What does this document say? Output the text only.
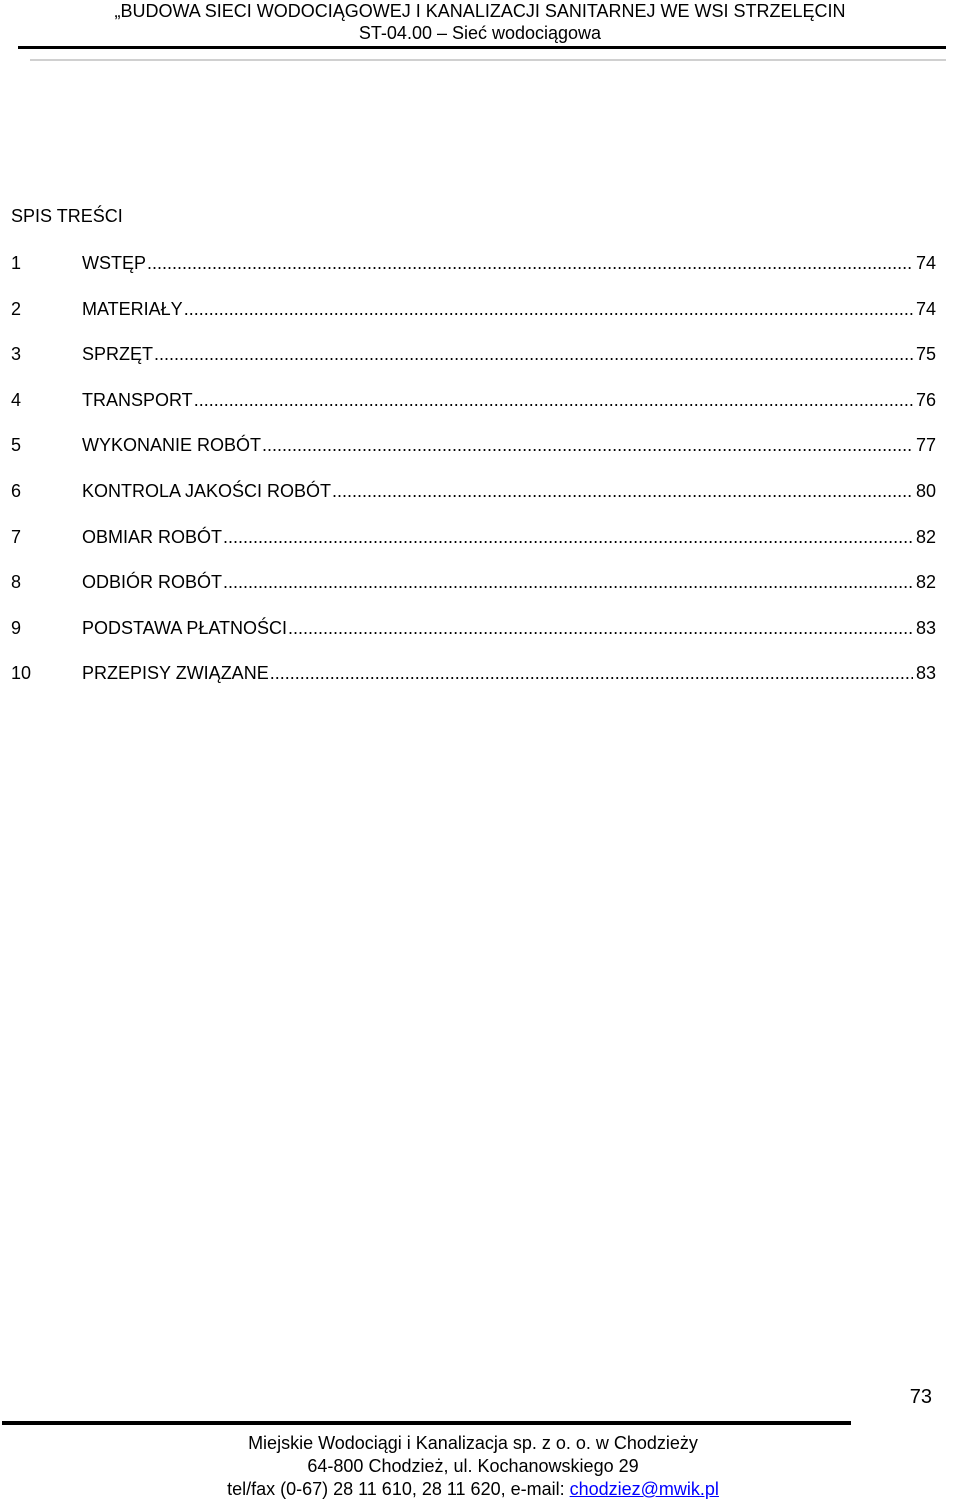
„BUDOWA SIECI WODOCIĄGOWEJ I KANALIZACJI SANITARNEJ WE WSI STRZELĘCIN
ST-04.00 – Sieć wodociągowa
SPIS TREŚCI
1	WSTĘP .....	74
2	MATERIAŁY .....	74
3	SPRZĘT .....	75
4	TRANSPORT .....	76
5	WYKONANIE ROBÓT .....	77
6	KONTROLA JAKOŚCI ROBÓT .....	80
7	OBMIAR ROBÓT .....	82
8	ODBIÓR ROBÓT .....	82
9	PODSTAWA PŁATNOŚCI .....	83
10	PRZEPISY ZWIĄZANE .....	83
73
Miejskie Wodociągi i Kanalizacja sp. z o. o. w Chodzieży
64-800 Chodzież, ul. Kochanowskiego 29
tel/fax (0-67) 28 11 610, 28 11 620, e-mail: chodziez@mwik.pl
